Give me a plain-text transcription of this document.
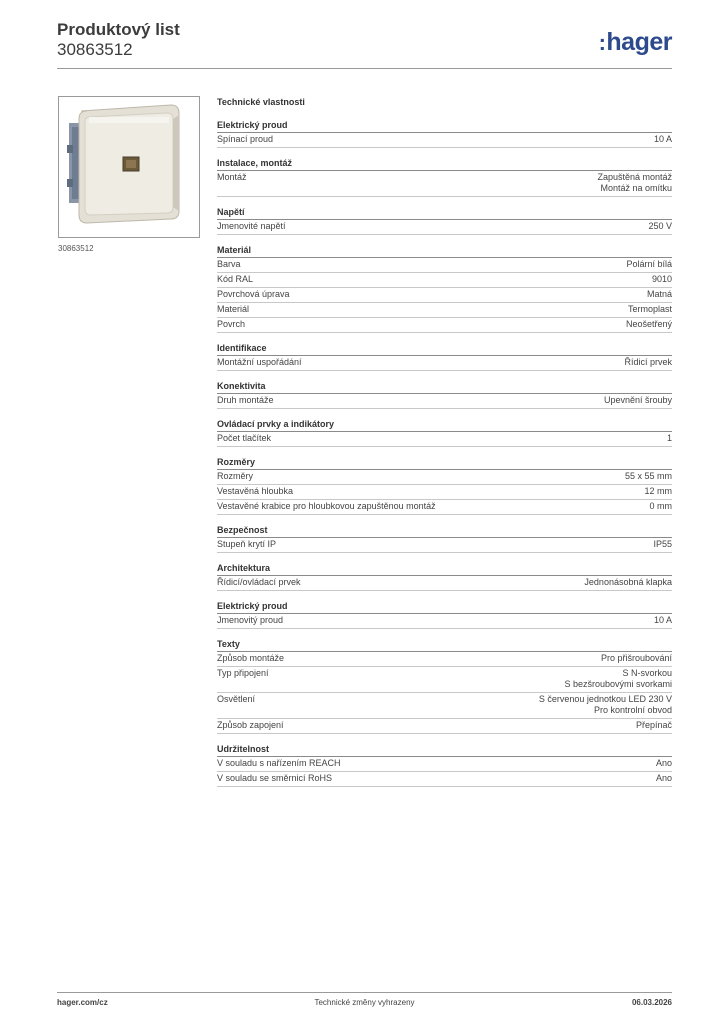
Produktový list
30863512	:hager
30863512
Technické vlastnosti
Elektrický proud
Spínací proud	10 A
Instalace, montáž
Montáž	Zapuštěná montáž
Montáž na omítku
Napětí
Jmenovité napětí	250 V
Materiál
Barva	Polární bílá
Kód RAL	9010
Povrchová úprava	Matná
Materiál	Termoplast
Povrch	Neošetřený
Identifikace
Montážní uspořádání	Řídicí prvek
Konektivita
Druh montáže	Upevnění šrouby
Ovládací prvky a indikátory
Počet tlačítek	1
Rozměry
Rozměry	55 x 55 mm
Vestavěná hloubka	12 mm
Vestavěné krabice pro hloubkovou zapuštěnou montáž	0 mm
Bezpečnost
Stupeň krytí IP	IP55
Architektura
Řídicí/ovládací prvek	Jednonásobná klapka
Elektrický proud
Jmenovitý proud	10 A
Texty
Způsob montáže	Pro přišroubování
Typ připojení	S N-svorkou
S bezšroubovými svorkami
Osvětlení	S červenou jednotkou LED 230 V
Pro kontrolní obvod
Způsob zapojení	Přepínač
Udržitelnost
V souladu s nařízením REACH	Ano
V souladu se směrnicí RoHS	Ano
hager.com/cz	Technické změny vyhrazeny	06.03.2026
